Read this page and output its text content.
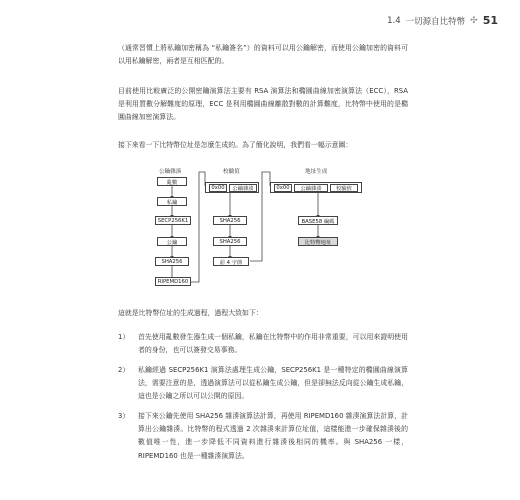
1.4 一切源自比特幣 ✣ 51
（通常習慣上將私鑰加密稱為 “私鑰簽名”）的資料可以用公鑰解密，而使用公鑰加密的資料可以用私鑰解密，兩者是互相匹配的。
目前使用比較廣泛的公開密鑰演算法主要有 RSA 演算法和橢圓曲線加密演算法（ECC），RSA 是利用質數分解難度的原理，ECC 是利用橢圓曲線離散對數的計算難度，比特幣中使用的是橢圓曲線加密演算法。
接下來看一下比特幣位址是怎麼生成的。為了簡化說明，我們看一幅示意圖：
公鑰雜湊	校驗值	地址生成
亂數
私鑰
SECP256K1
公鑰
SHA256
RIPEMD160
0x00	公鑰雜湊
SHA256
SHA256
前 4 字節
0x00	公鑰雜湊	校驗值
BASE58 編碼
比特幣地址
這就是比特幣位址的生成過程，過程大致如下：
1） 首先使用亂數發生器生成一個私鑰，私鑰在比特幣中的作用非常重要，可以用來證明使用者的身份，也可以簽發交易事務。
2） 私鑰經過 SECP256K1 演算法處理生成公鑰，SECP256K1 是一種特定的橢圓曲線演算法，需要注意的是，透過演算法可以從私鑰生成公鑰，但是卻無法反向從公鑰生成私鑰，這也是公鑰之所以可以公開的原因。
3） 接下來公鑰先使用 SHA256 雜湊演算法計算，再使用 RIPEMD160 雜湊演算法計算，計算出公鑰雜湊。比特幣的程式透過 2 次雜湊來計算位址值，這樣能進一步確保雜湊後的數值唯一性，進一步降低不同資料進行雜湊後相同的機率。與 SHA256 一樣，RIPEMD160 也是一種雜湊演算法。
